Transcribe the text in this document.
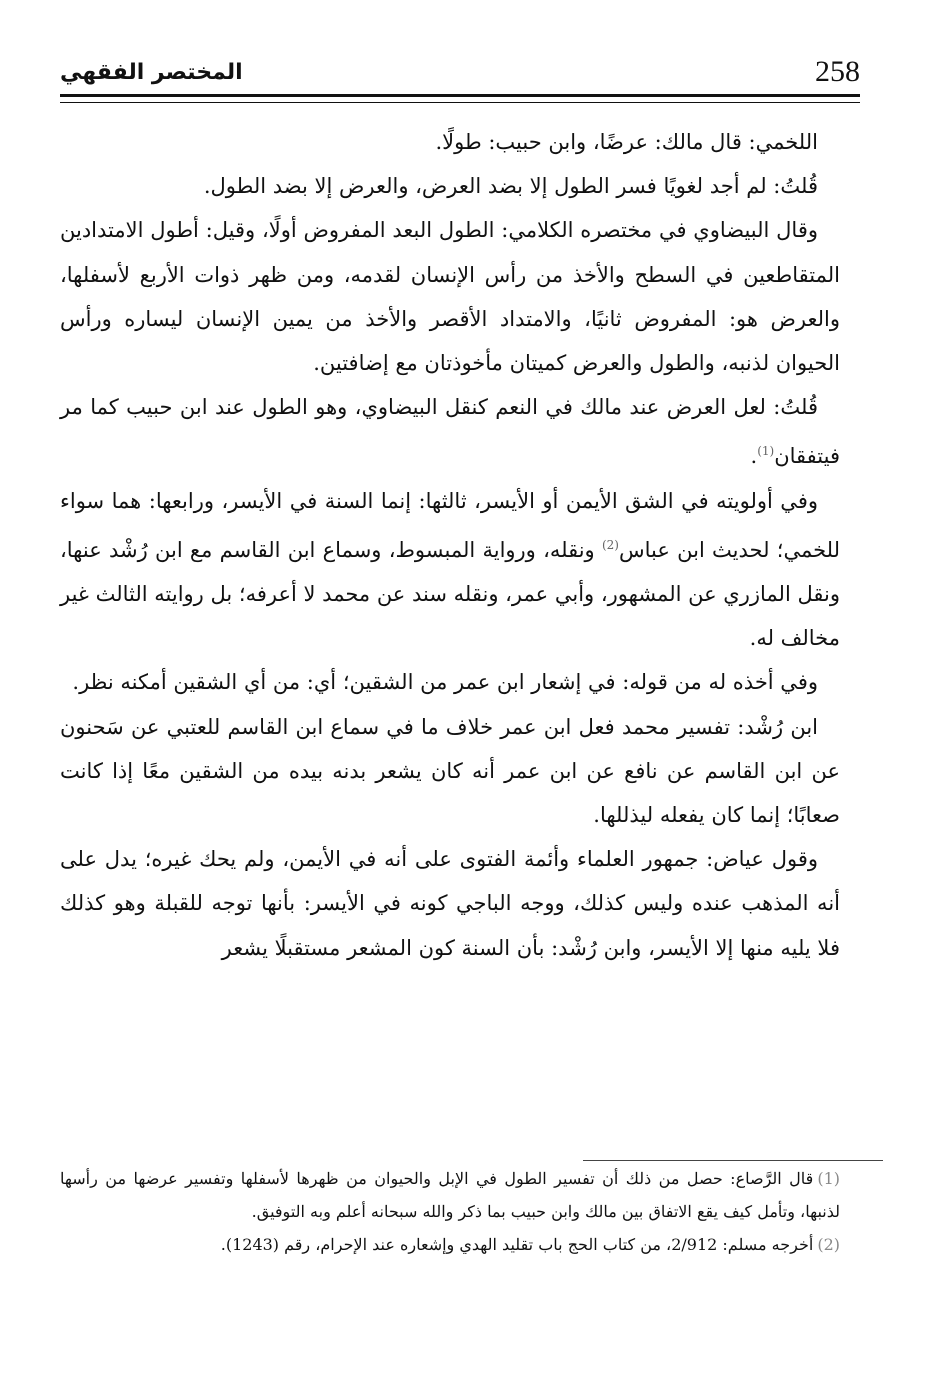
258
المختصر الفقهي

اللخمي: قال مالك: عرضًا، وابن حبيب: طولًا.

قُلتُ: لم أجد لغويًا فسر الطول إلا بضد العرض، والعرض إلا بضد الطول.

وقال البيضاوي في مختصره الكلامي: الطول البعد المفروض أولًا، وقيل: أطول الامتدادين المتقاطعين في السطح والأخذ من رأس الإنسان لقدمه، ومن ظهر ذوات الأربع لأسفلها، والعرض هو: المفروض ثانيًا، والامتداد الأقصر والأخذ من يمين الإنسان ليساره ورأس الحيوان لذنبه، والطول والعرض كميتان مأخوذتان مع إضافتين.

قُلتُ: لعل العرض عند مالك في النعم كنقل البيضاوي، وهو الطول عند ابن حبيب كما مر فيتفقان$^{(1)}$.

وفي أولويته في الشق الأيمن أو الأيسر، ثالثها: إنما السنة في الأيسر، ورابعها: هما سواء للخمي؛ لحديث ابن عباس$^{(2)}$ ونقله، ورواية المبسوط، وسماع ابن القاسم مع ابن رُشْد عنها، ونقل المازري عن المشهور، وأبي عمر، ونقله سند عن محمد لا أعرفه؛ بل روايته الثالث غير مخالف له.

وفي أخذه له من قوله: في إشعار ابن عمر من الشقين؛ أي: من أي الشقين أمكنه نظر.

ابن رُشْد: تفسير محمد فعل ابن عمر خلاف ما في سماع ابن القاسم للعتبي عن سَحنون عن ابن القاسم عن نافع عن ابن عمر أنه كان يشعر بدنه بيده من الشقين معًا إذا كانت صعابًا؛ إنما كان يفعله ليذللها.

وقول عياض: جمهور العلماء وأئمة الفتوى على أنه في الأيمن، ولم يحك غيره؛ يدل على أنه المذهب عنده وليس كذلك، ووجه الباجي كونه في الأيسر: بأنها توجه للقبلة وهو كذلك فلا يليه منها إلا الأيسر، وابن رُشْد: بأن السنة كون المشعر مستقبلًا يشعر

(1)قال الرَّصاع: حصل من ذلك أن تفسير الطول في الإبل والحيوان من ظهرها لأسفلها وتفسير عرضها من رأسها لذنبها، وتأمل كيف يقع الاتفاق بين مالك وابن حبيب بما ذكر والله سبحانه أعلم وبه التوفيق.

(2)أخرجه مسلم: 2/912، من كتاب الحج باب تقليد الهدي وإشعاره عند الإحرام، رقم (1243).
